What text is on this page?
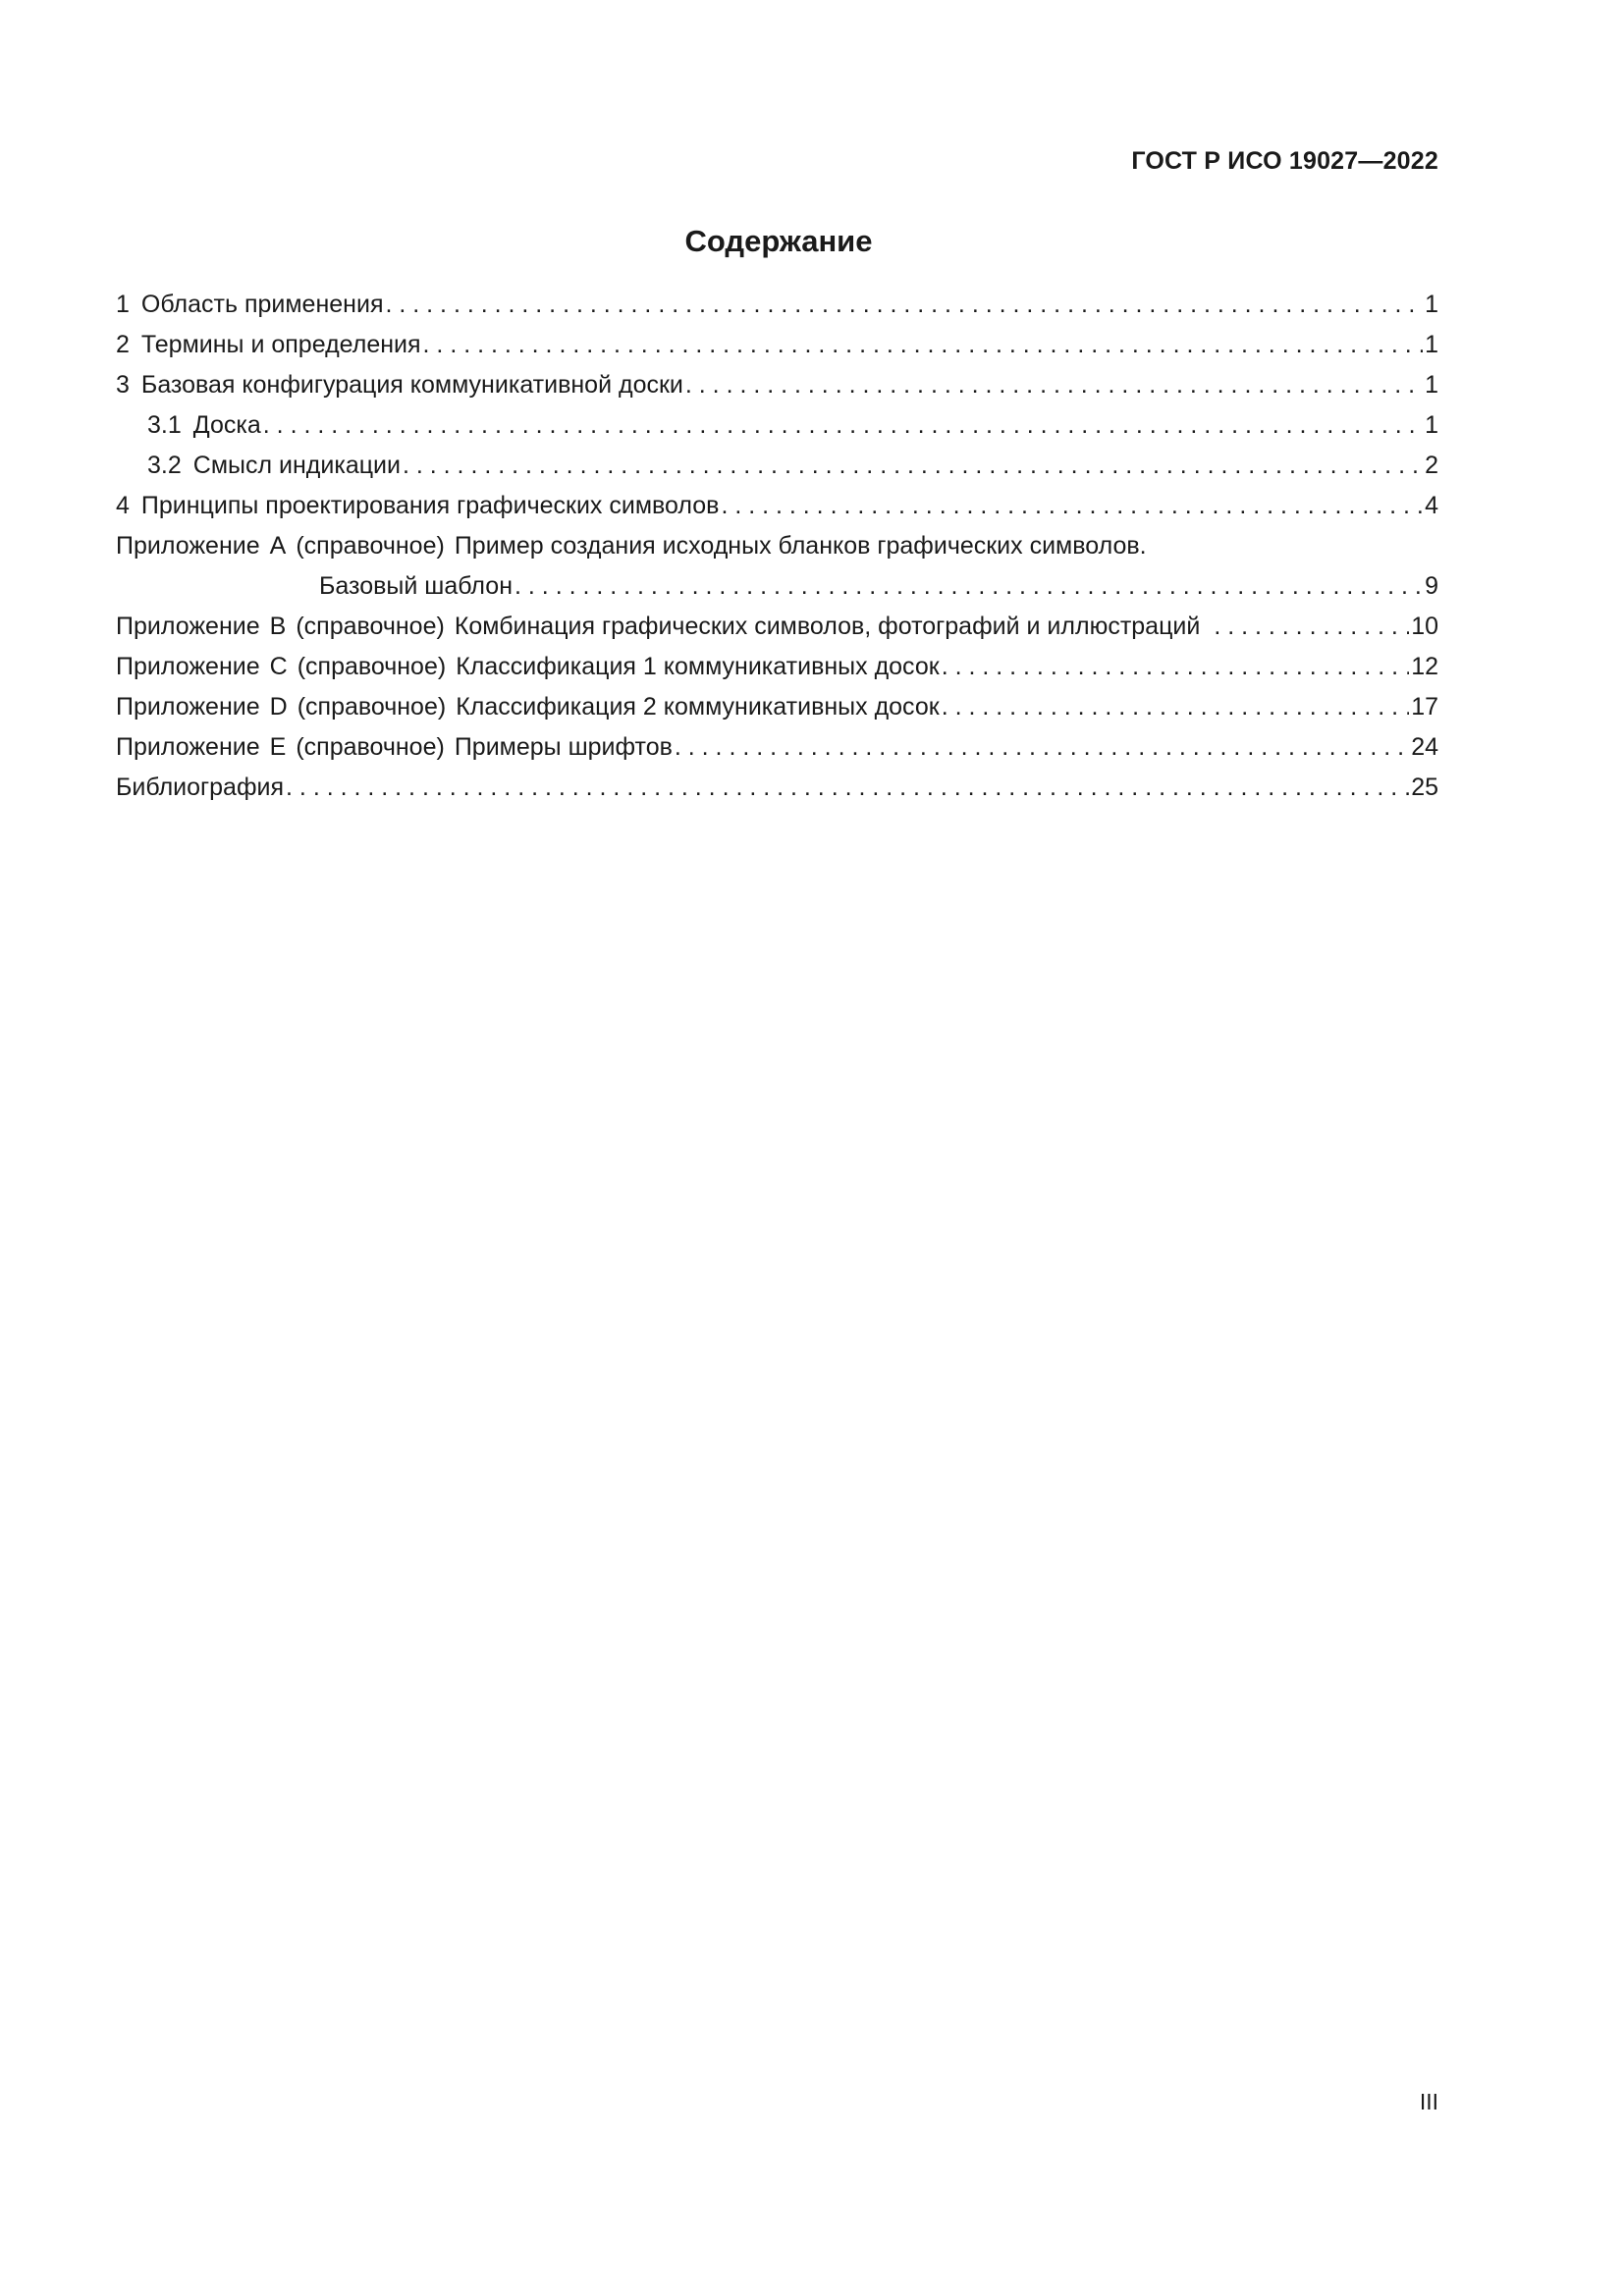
ГОСТ Р ИСО 19027—2022
Содержание
1 Область применения . . .	1
2 Термины и определения . . .	1
3 Базовая конфигурация коммуникативной доски . . .	1
3.1 Доска . . .	1
3.2 Смысл индикации . . .	2
4 Принципы проектирования графических символов . . .	4
Приложение A (справочное) Пример создания исходных бланков графических символов.
Базовый шаблон . . .	9
Приложение B (справочное) Комбинация графических символов, фотографий и иллюстраций . . .	10
Приложение C (справочное) Классификация 1 коммуникативных досок . . .	12
Приложение D (справочное) Классификация 2 коммуникативных досок . . .	17
Приложение E (справочное) Примеры шрифтов . . .	24
Библиография . . .	25
III
